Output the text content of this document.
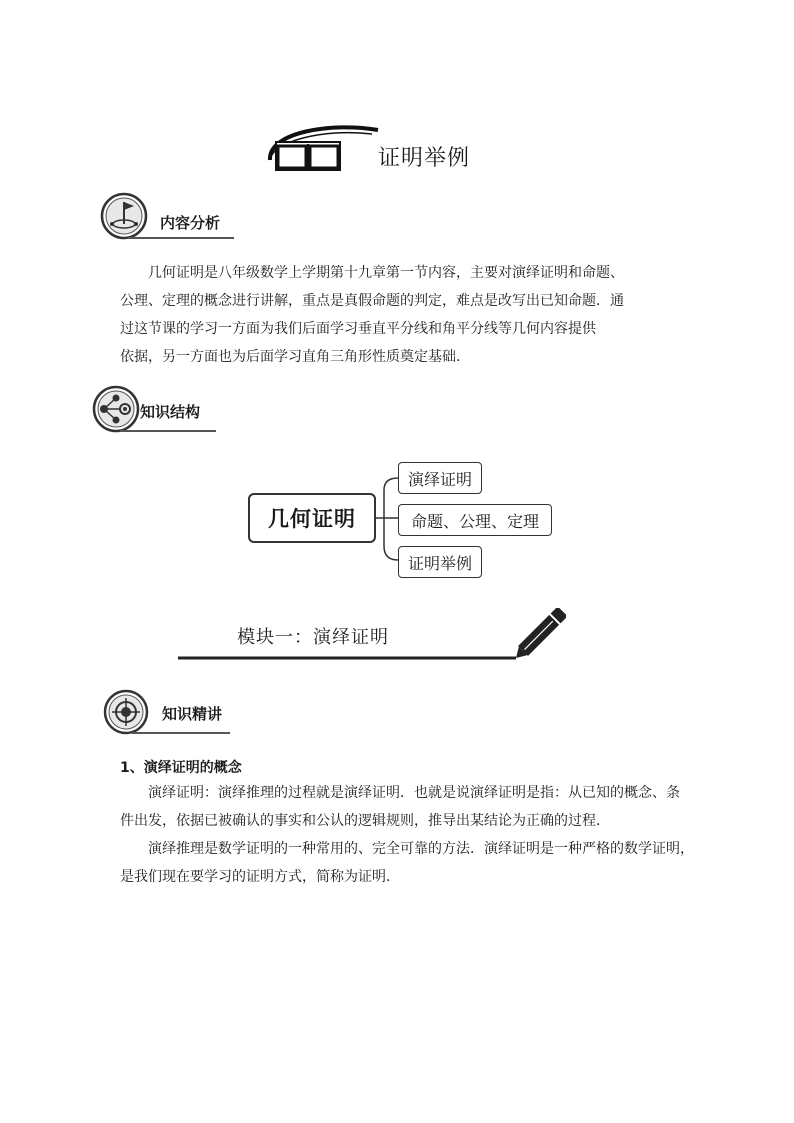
证明举例
内容分析

几何证明是八年级数学上学期第十九章第一节内容，主要对演绎证明和命题、

公理、定理的概念进行讲解，重点是真假命题的判定，难点是改写出已知命题．通

过这节课的学习一方面为我们后面学习垂直平分线和角平分线等几何内容提供

依据，另一方面也为后面学习直角三角形性质奠定基础．

知识结构
几何证明
演绎证明
命题、公理、定理
证明举例
模块一：演绎证明
知识精讲
1、演绎证明的概念

演绎证明：演绎推理的过程就是演绎证明．也就是说演绎证明是指：从已知的概念、条

件出发，依据已被确认的事实和公认的逻辑规则，推导出某结论为正确的过程．

演绎推理是数学证明的一种常用的、完全可靠的方法．演绎证明是一种严格的数学证明，

是我们现在要学习的证明方式，简称为证明．
